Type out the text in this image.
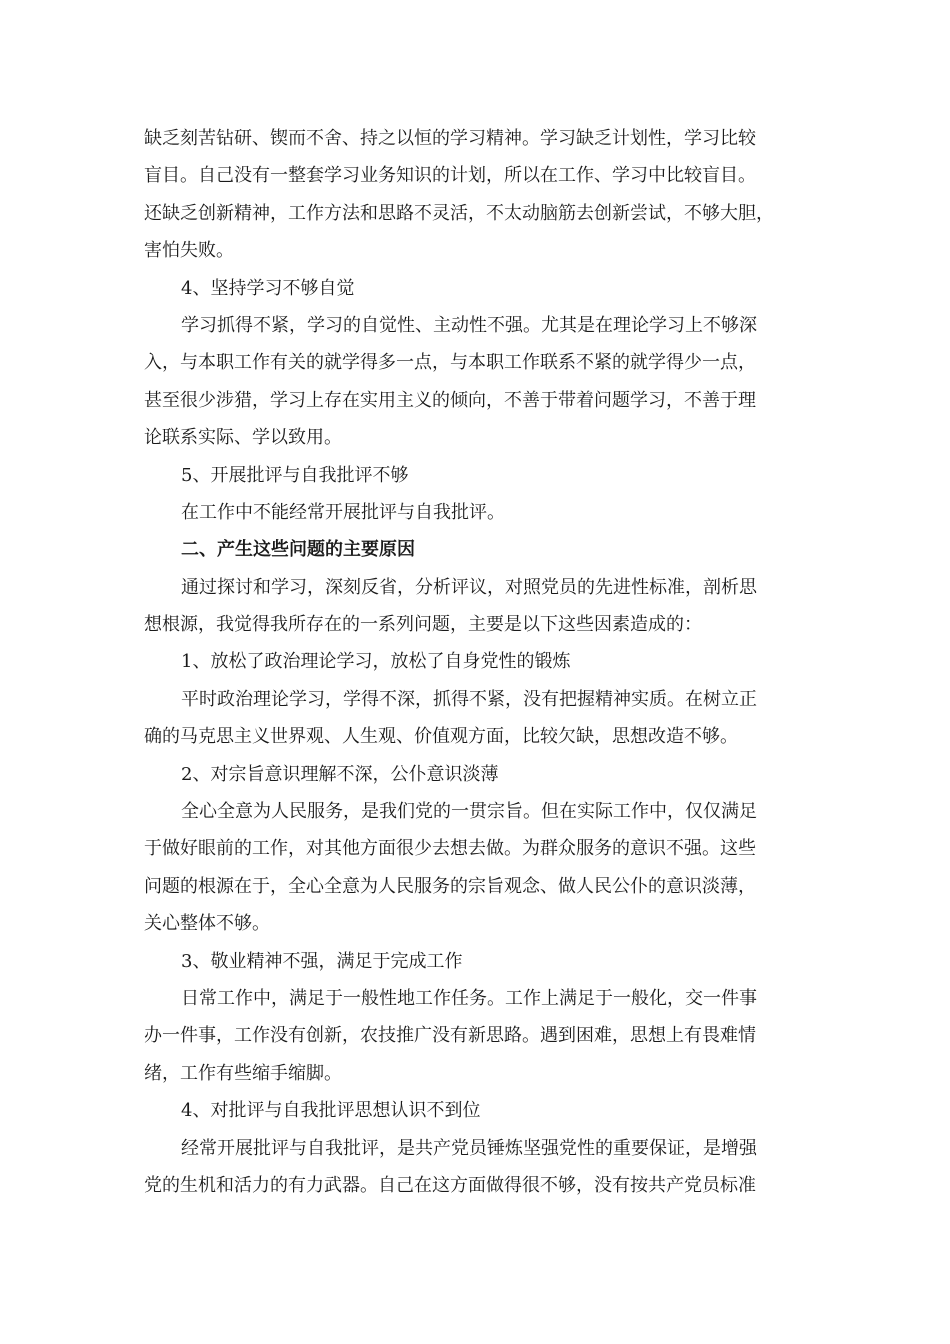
缺乏刻苦钻研、锲而不舍、持之以恒的学习精神。学习缺乏计划性，学习比较
盲目。自己没有一整套学习业务知识的计划，所以在工作、学习中比较盲目。
还缺乏创新精神，工作方法和思路不灵活，不太动脑筋去创新尝试，不够大胆，
害怕失败。
4、坚持学习不够自觉
学习抓得不紧，学习的自觉性、主动性不强。尤其是在理论学习上不够深
入，与本职工作有关的就学得多一点，与本职工作联系不紧的就学得少一点，
甚至很少涉猎，学习上存在实用主义的倾向，不善于带着问题学习，不善于理
论联系实际、学以致用。
5、开展批评与自我批评不够
在工作中不能经常开展批评与自我批评。
二、产生这些问题的主要原因
通过探讨和学习，深刻反省，分析评议，对照党员的先进性标准，剖析思
想根源，我觉得我所存在的一系列问题，主要是以下这些因素造成的：
1、放松了政治理论学习，放松了自身党性的锻炼
平时政治理论学习，学得不深，抓得不紧，没有把握精神实质。在树立正
确的马克思主义世界观、人生观、价值观方面，比较欠缺，思想改造不够。
2、对宗旨意识理解不深，公仆意识淡薄
全心全意为人民服务，是我们党的一贯宗旨。但在实际工作中，仅仅满足
于做好眼前的工作，对其他方面很少去想去做。为群众服务的意识不强。这些
问题的根源在于，全心全意为人民服务的宗旨观念、做人民公仆的意识淡薄，
关心整体不够。
3、敬业精神不强，满足于完成工作
日常工作中，满足于一般性地工作任务。工作上满足于一般化，交一件事
办一件事，工作没有创新，农技推广没有新思路。遇到困难，思想上有畏难情
绪，工作有些缩手缩脚。
4、对批评与自我批评思想认识不到位
经常开展批评与自我批评，是共产党员锤炼坚强党性的重要保证，是增强
党的生机和活力的有力武器。自己在这方面做得很不够，没有按共产党员标准
